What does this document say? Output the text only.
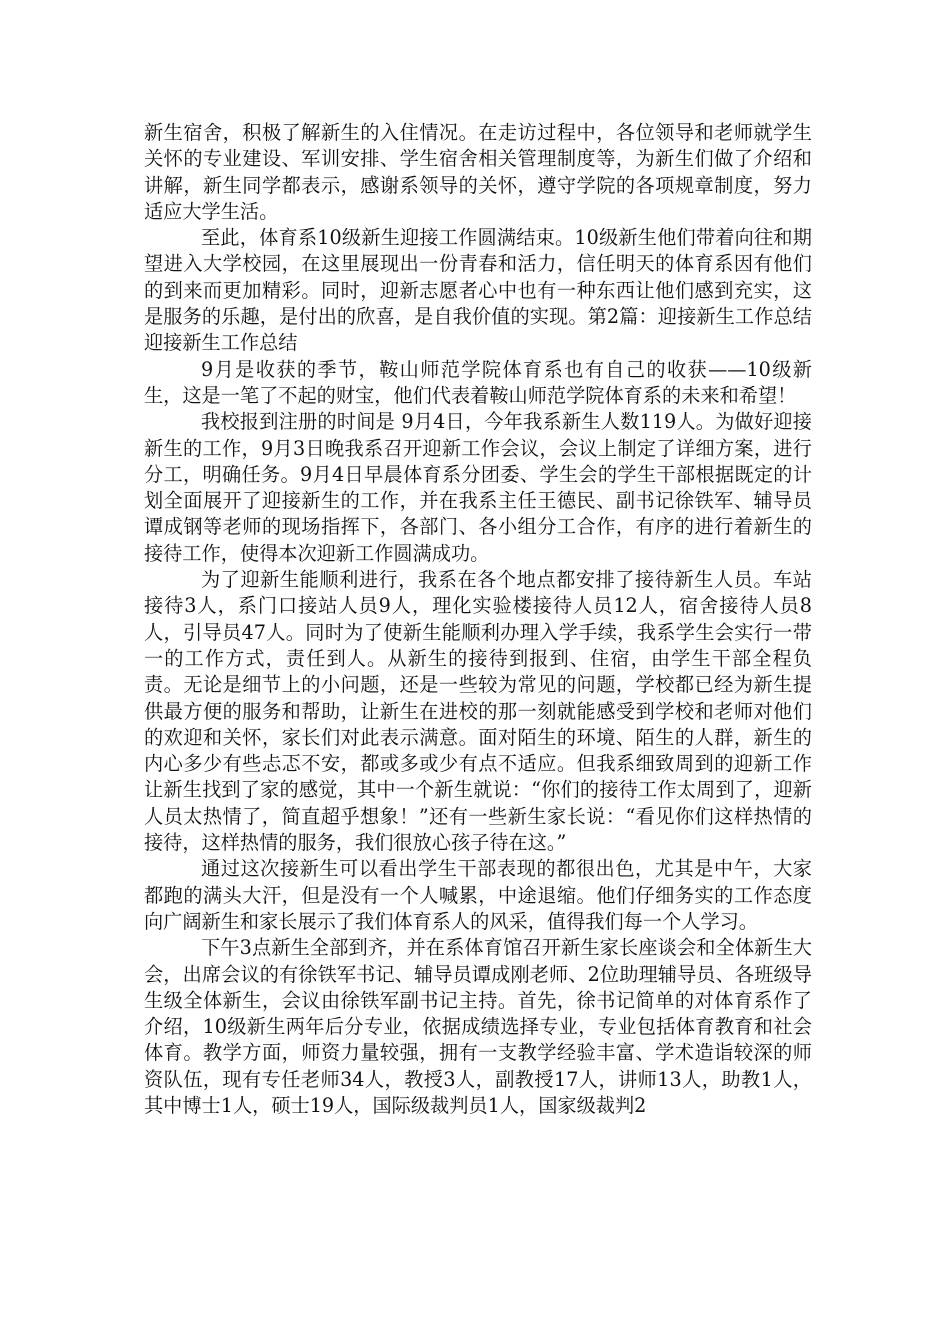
新生宿舍，积极了解新生的入住情况。在走访过程中，各位领导和老师就学生关怀的专业建设、军训安排、学生宿舍相关管理制度等，为新生们做了介绍和讲解，新生同学都表示，感谢系领导的关怀，遵守学院的各项规章制度，努力适应大学生活。

至此，体育系10级新生迎接工作圆满结束。10级新生他们带着向往和期望进入大学校园，在这里展现出一份青春和活力，信任明天的体育系因有他们的到来而更加精彩。同时，迎新志愿者心中也有一种东西让他们感到充实，这是服务的乐趣，是付出的欣喜，是自我价值的实现。第2篇：迎接新生工作总结迎接新生工作总结

9月是收获的季节，鞍山师范学院体育系也有自己的收获——10级新生，这是一笔了不起的财宝，他们代表着鞍山师范学院体育系的未来和希望！

我校报到注册的时间是 9月4日，今年我系新生人数119人。为做好迎接新生的工作，9月3日晚我系召开迎新工作会议，会议上制定了详细方案，进行分工，明确任务。9月4日早晨体育系分团委、学生会的学生干部根据既定的计划全面展开了迎接新生的工作，并在我系主任王德民、副书记徐铁军、辅导员谭成钢等老师的现场指挥下，各部门、各小组分工合作，有序的进行着新生的接待工作，使得本次迎新工作圆满成功。

为了迎新生能顺利进行，我系在各个地点都安排了接待新生人员。车站接待3人，系门口接站人员9人，理化实验楼接待人员12人，宿舍接待人员8人，引导员47人。同时为了使新生能顺利办理入学手续，我系学生会实行一带一的工作方式，责任到人。从新生的接待到报到、住宿，由学生干部全程负责。无论是细节上的小问题，还是一些较为常见的问题，学校都已经为新生提供最方便的服务和帮助，让新生在进校的那一刻就能感受到学校和老师对他们的欢迎和关怀，家长们对此表示满意。面对陌生的环境、陌生的人群，新生的内心多少有些忐忑不安，都或多或少有点不适应。但我系细致周到的迎新工作让新生找到了家的感觉，其中一个新生就说：“你们的接待工作太周到了，迎新人员太热情了，简直超乎想象！”还有一些新生家长说：“看见你们这样热情的接待，这样热情的服务，我们很放心孩子待在这。”

通过这次接新生可以看出学生干部表现的都很出色，尤其是中午，大家都跑的满头大汗，但是没有一个人喊累，中途退缩。他们仔细务实的工作态度向广阔新生和家长展示了我们体育系人的风采，值得我们每一个人学习。

下午3点新生全部到齐，并在系体育馆召开新生家长座谈会和全体新生大会，出席会议的有徐铁军书记、辅导员谭成刚老师、2位助理辅导员、各班级导生级全体新生，会议由徐铁军副书记主持。首先，徐书记简单的对体育系作了介绍，10级新生两年后分专业，依据成绩选择专业，专业包括体育教育和社会体育。教学方面，师资力量较强，拥有一支教学经验丰富、学术造诣较深的师资队伍，现有专任老师34人，教授3人，副教授17人，讲师13人，助教1人，其中博士1人，硕士19人，国际级裁判员1人，国家级裁判2
